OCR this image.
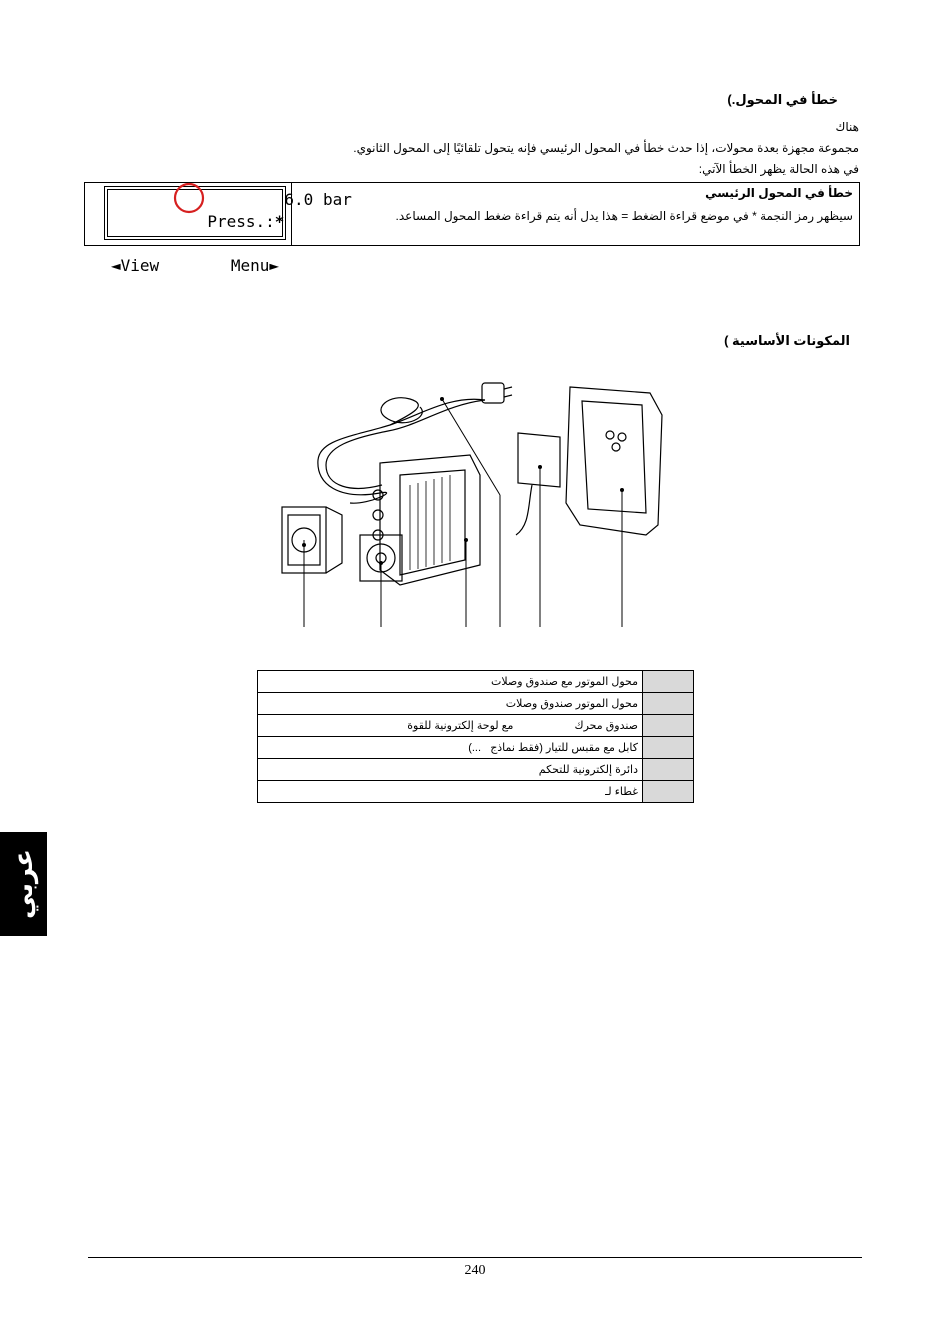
خطأ في المحول.)
هناك
مجموعة مجهزة بعدة محولات، إذا حدث خطأ في المحول الرئيسي فإنه يتحول تلقائيًا إلى المحول الثانوي.
في هذه الحالة يظهر الخطأ الآتي:

Press.:*

6.0 bar
◄View	Menu►
خطأ في المحول الرئيسي
سيظهر رمز النجمة * في موضع قراءة الضغط = هذا يدل أنه يتم قراءة ضغط المحول المساعد.
المكونات الأساسية )
محول الموتور مع صندوق وصلات	
محول الموتور صندوق وصلات	
صندوق محرك                    مع لوحة إلكترونية للقوة	
كابل مع مقبس للتيار (فقط نماذج   ...)	
دائرة إلكترونية للتحكم	
غطاء لـ	
عربي
240
